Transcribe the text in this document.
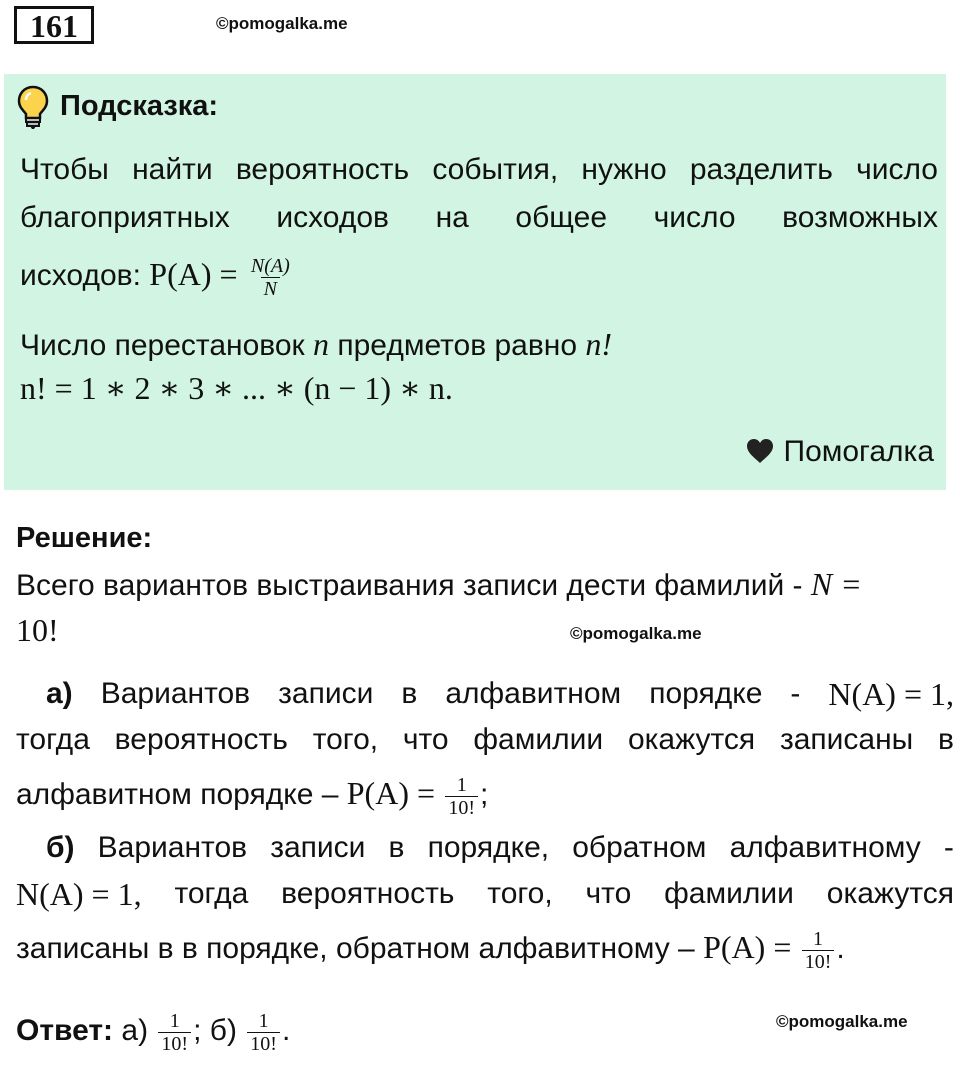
161	©pomogalka.me
Подсказка:
Чтобы найти вероятность события, нужно разделить число
благоприятных исходов на общее число возможных
исходов: $P(A) = \frac{N(A)}{N}$
Число перестановок n предметов равно n!
n! = 1 ∗ 2 ∗ 3 ∗ ... ∗ (n − 1) ∗ n.
Помогалка
Решение:
Всего вариантов выстраивания записи дести фамилий - N =
10!	©pomogalka.me
а) Вариантов записи в алфавитном порядке - N(A) = 1,
тогда вероятность того, что фамилии окажутся записаны в
алфавитном порядке – $P(A) = \frac{1}{10!}$ ;
б) Вариантов записи в порядке, обратном алфавитному -
N(A) = 1, тогда вероятность того, что фамилии окажутся
записаны в в порядке, обратном алфавитному – $P(A) = \frac{1}{10!}$ .
Ответ: $а) \frac{1}{10!}$ ; $б) \frac{1}{10!}$ .	©pomogalka.me
